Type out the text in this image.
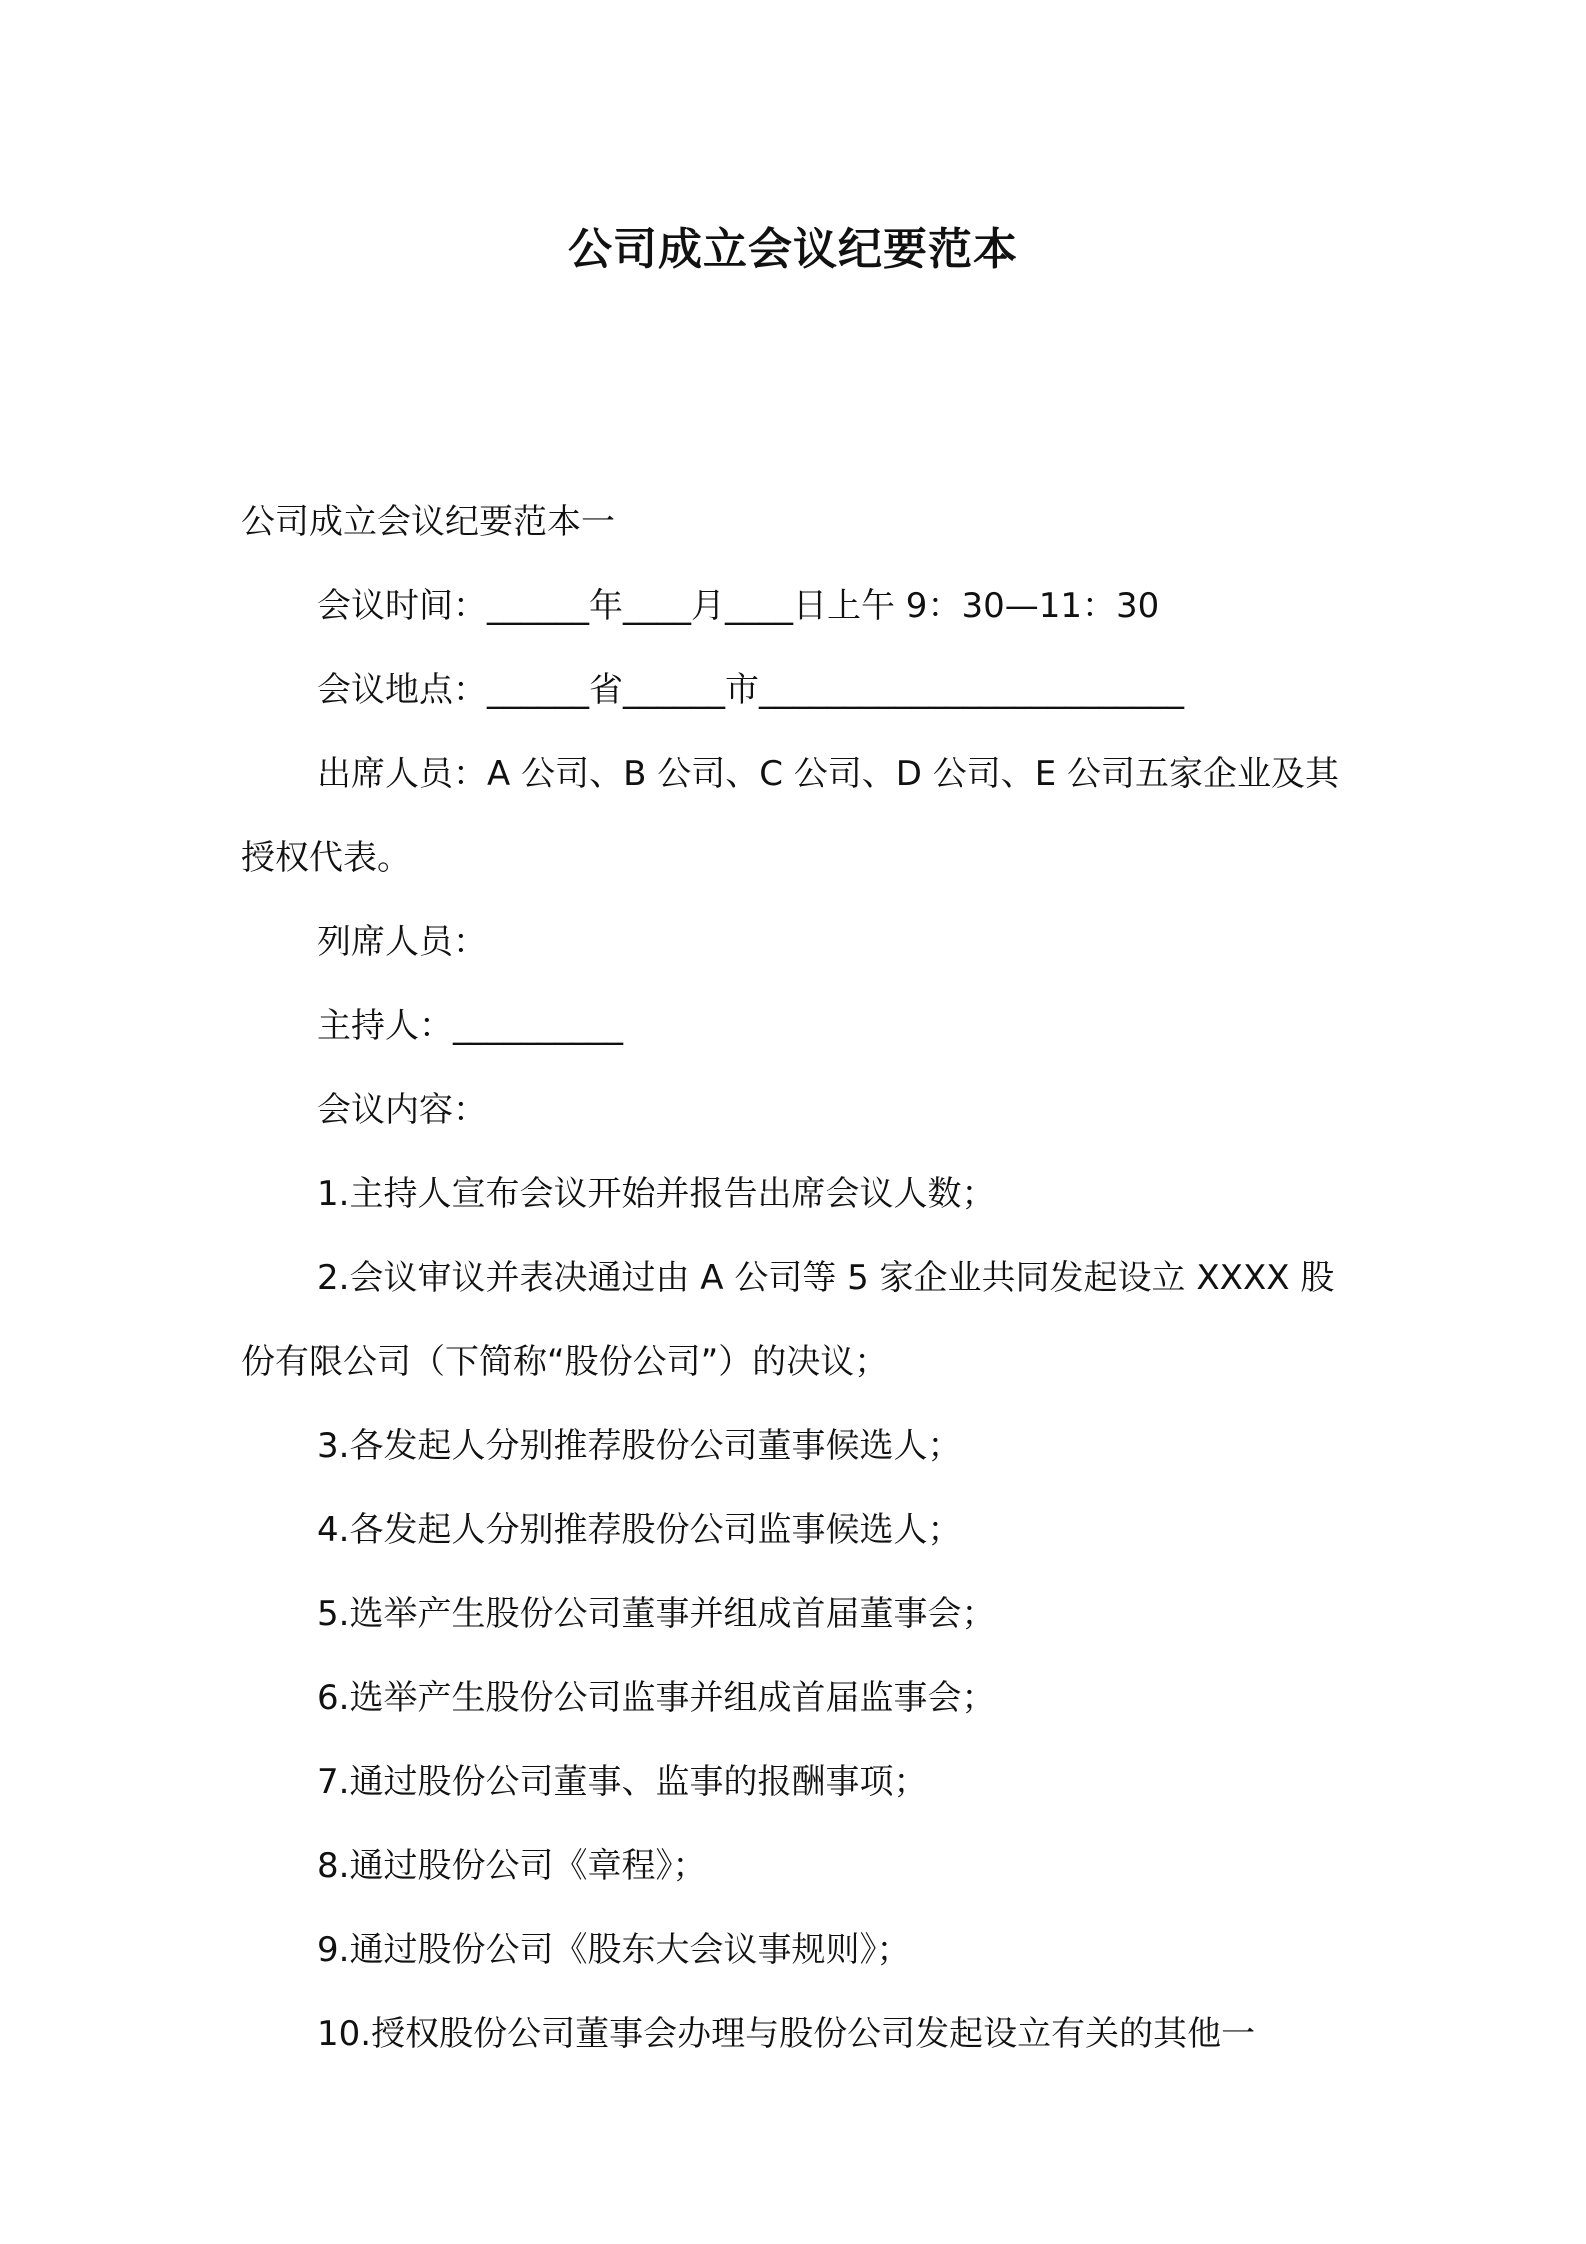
公司成立会议纪要范本

公司成立会议纪要范本一

会议时间：______年____月____日上午 9：30—11：30

会议地点：______省______市_________________________

出席人员：A 公司、B 公司、C 公司、D 公司、E 公司五家企业及其授权代表。

列席人员：

主持人：__________

会议内容：

1.主持人宣布会议开始并报告出席会议人数；

2.会议审议并表决通过由 A 公司等 5 家企业共同发起设立 XXXX 股份有限公司（下简称“股份公司”）的决议；

3.各发起人分别推荐股份公司董事候选人；

4.各发起人分别推荐股份公司监事候选人；

5.选举产生股份公司董事并组成首届董事会；

6.选举产生股份公司监事并组成首届监事会；

7.通过股份公司董事、监事的报酬事项；

8.通过股份公司《章程》；

9.通过股份公司《股东大会议事规则》；

10.授权股份公司董事会办理与股份公司发起设立有关的其他一
